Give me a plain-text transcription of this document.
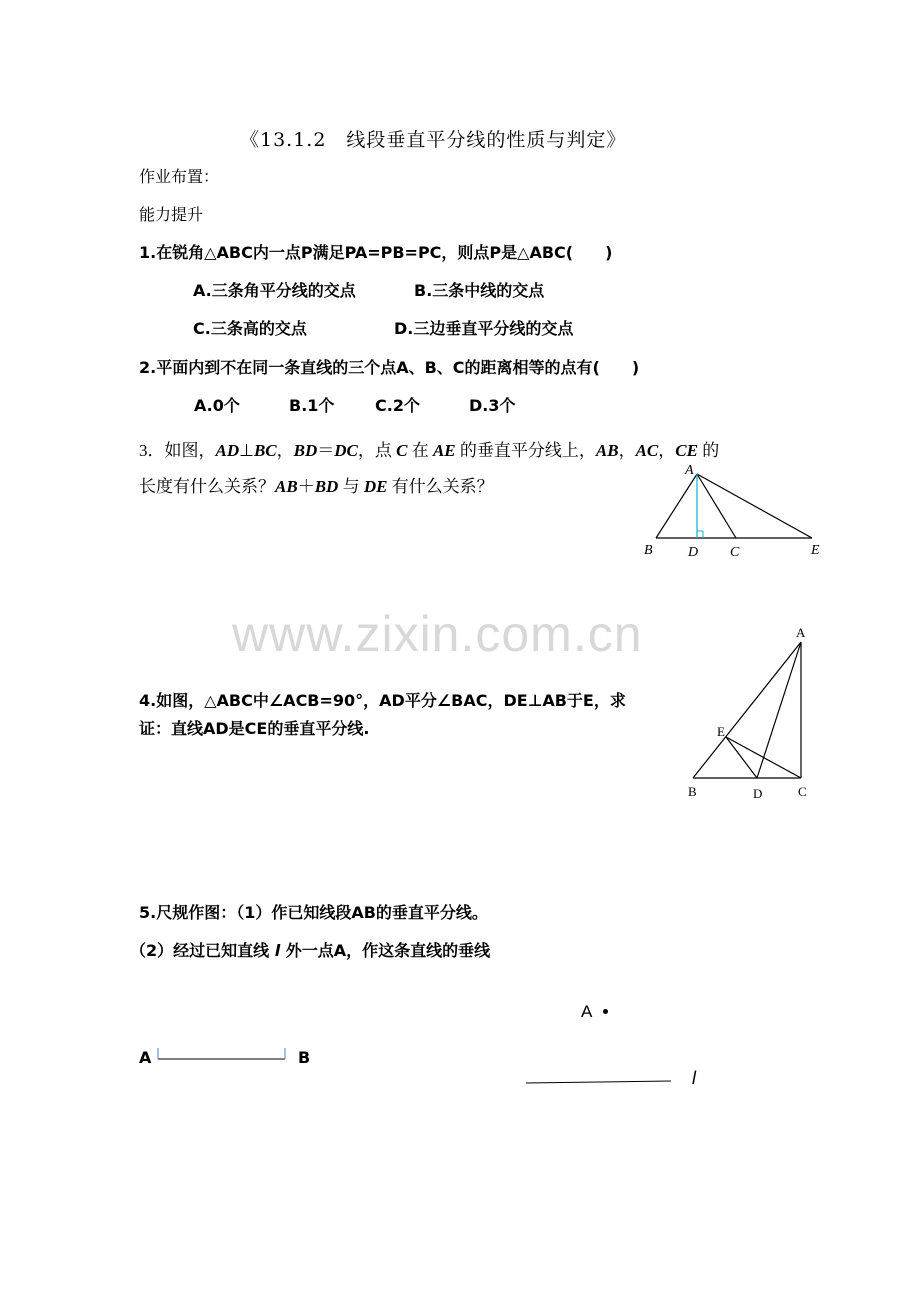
《13.1.2　线段垂直平分线的性质与判定》
作业布置：
能力提升
1.在锐角△ABC内一点P满足PA=PB=PC，则点P是△ABC(　　)
A.三条角平分线的交点	B.三条中线的交点
C.三条高的交点	D.三边垂直平分线的交点
2.平面内到不在同一条直线的三个点A、B、C的距离相等的点有(　　)
A.0个	B.1个	C.2个	D.3个
3．如图，AD⊥BC，BD＝DC，点 C 在 AE 的垂直平分线上，AB，AC，CE 的
长度有什么关系？AB＋BD 与 DE 有什么关系？
A
B	D C	E
www.zixin.com.cn
4.如图，△ABC中∠ACB=90°，AD平分∠BAC，DE⊥AB于E，求
证：直线AD是CE的垂直平分线.
A
E
B	D	C
5.尺规作图：（1）作已知线段AB的垂直平分线。
（2）经过已知直线 l 外一点A，作这条直线的垂线
A
A	B
l
